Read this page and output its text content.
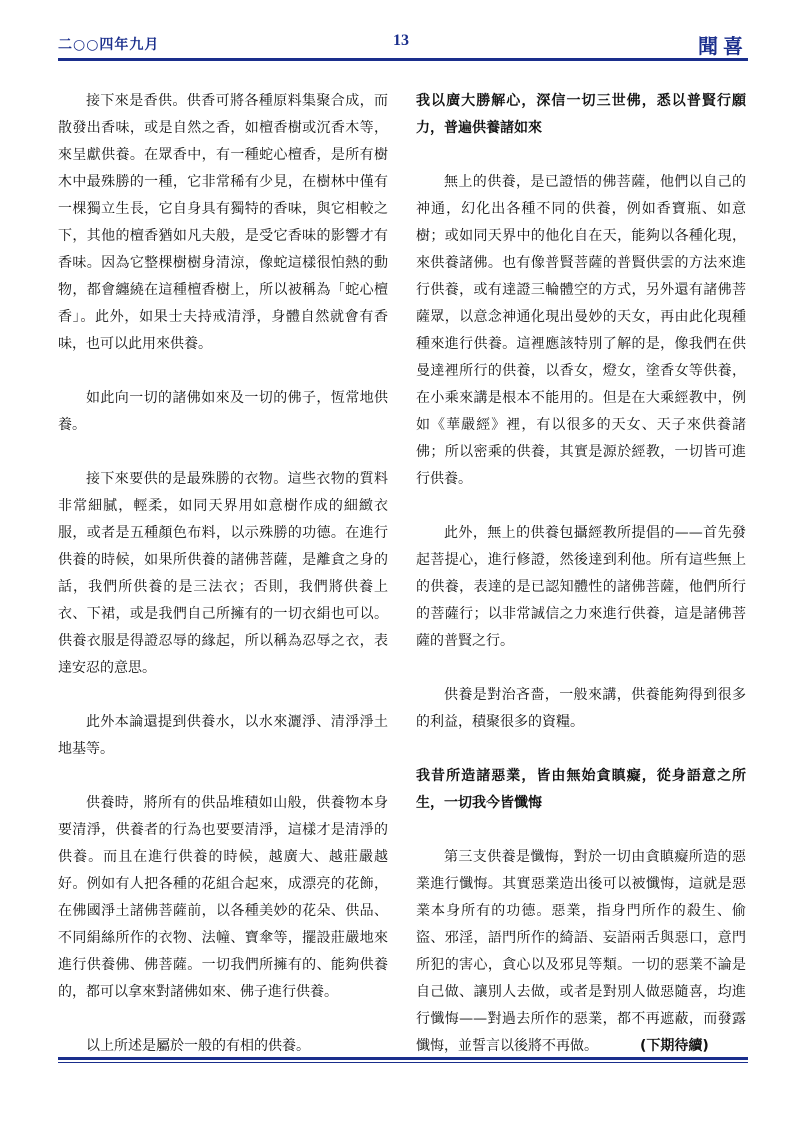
二○○四年九月	13	聞喜

接下來是香供。供香可將各種原料集聚合成，而散發出香味，或是自然之香，如檀香樹或沉香木等，來呈獻供養。在眾香中，有一種蛇心檀香，是所有樹木中最殊勝的一種，它非常稀有少見，在樹林中僅有一棵獨立生長，它自身具有獨特的香味，與它相較之下，其他的檀香猶如凡夫般，是受它香味的影響才有香味。因為它整棵樹樹身清涼，像蛇這樣很怕熱的動物，都會纏繞在這種檀香樹上，所以被稱為「蛇心檀香」。此外，如果士夫持戒清淨，身體自然就會有香味，也可以此用來供養。

如此向一切的諸佛如來及一切的佛子，恆常地供養。

接下來要供的是最殊勝的衣物。這些衣物的質料非常細膩，輕柔，如同天界用如意樹作成的細緻衣服，或者是五種顏色布料，以示殊勝的功德。在進行供養的時候，如果所供養的諸佛菩薩，是離貪之身的話，我們所供養的是三法衣；否則，我們將供養上衣、下裙，或是我們自己所擁有的一切衣絹也可以。供養衣服是得證忍辱的緣起，所以稱為忍辱之衣，表達安忍的意思。

此外本論還提到供養水，以水來灑淨、清淨淨土地基等。

供養時，將所有的供品堆積如山般，供養物本身要清淨，供養者的行為也要要清淨，這樣才是清淨的供養。而且在進行供養的時候，越廣大、越莊嚴越好。例如有人把各種的花組合起來，成漂亮的花飾，在佛國淨土諸佛菩薩前，以各種美妙的花朵、供品、不同絹絲所作的衣物、法幢、寶傘等，擺設莊嚴地來進行供養佛、佛菩薩。一切我們所擁有的、能夠供養的，都可以拿來對諸佛如來、佛子進行供養。

以上所述是屬於一般的有相的供養。

我以廣大勝解心，深信一切三世佛，悉以普賢行願力，普遍供養諸如來

無上的供養，是已證悟的佛菩薩，他們以自己的神通，幻化出各種不同的供養，例如香寶瓶、如意樹；或如同天界中的他化自在天，能夠以各種化現，來供養諸佛。也有像普賢菩薩的普賢供雲的方法來進行供養，或有達證三輪體空的方式，另外還有諸佛菩薩眾，以意念神通化現出曼妙的天女，再由此化現種種來進行供養。這裡應該特別了解的是，像我們在供曼達裡所行的供養，以香女，燈女，塗香女等供養，在小乘來講是根本不能用的。但是在大乘經教中，例如《華嚴經》裡，有以很多的天女、天子來供養諸佛；所以密乘的供養，其實是源於經教，一切皆可進行供養。

此外，無上的供養包攝經教所提倡的——首先發起菩提心，進行修證，然後達到利他。所有這些無上的供養，表達的是已認知體性的諸佛菩薩，他們所行的菩薩行；以非常誠信之力來進行供養，這是諸佛菩薩的普賢之行。

供養是對治吝嗇，一般來講，供養能夠得到很多的利益，積聚很多的資糧。

我昔所造諸惡業，皆由無始貪瞋癡，從身語意之所生，一切我今皆懺悔

第三支供養是懺悔，對於一切由貪瞋癡所造的惡業進行懺悔。其實惡業造出後可以被懺悔，這就是惡業本身所有的功德。惡業，指身門所作的殺生、偷盜、邪淫，語門所作的綺語、妄語兩舌與惡口，意門所犯的害心，貪心以及邪見等類。一切的惡業不論是自己做、讓別人去做，或者是對別人做惡隨喜，均進行懺悔——對過去所作的惡業，都不再遮蔽，而發露懺悔，並誓言以後將不再做。	(下期待續)
